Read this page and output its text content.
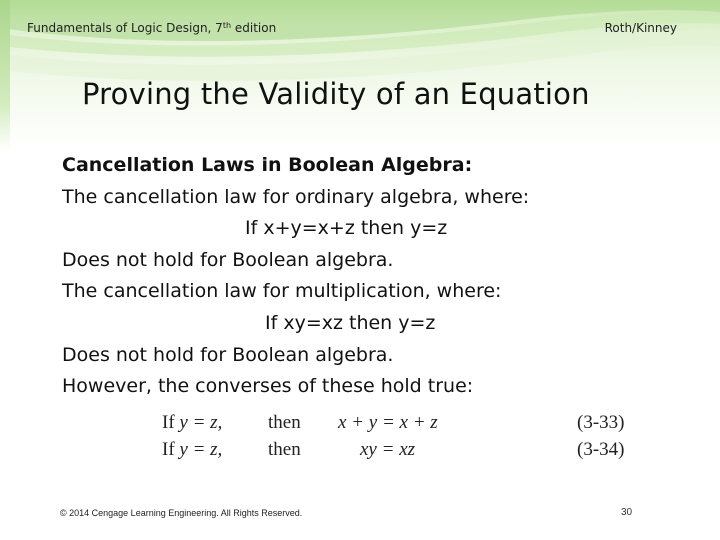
Fundamentals of Logic Design, 7th edition	Roth/Kinney
Proving the Validity of an Equation
Cancellation Laws in Boolean Algebra:
The cancellation law for ordinary algebra, where:
If x+y=x+z then y=z
Does not hold for Boolean algebra.
The cancellation law for multiplication, where:
If xy=xz then y=z
Does not hold for Boolean algebra.
However, the converses of these hold true:
If y = z, then x + y = x + z	(3-33)
If y = z, then	xy = xz	(3-34)
© 2014 Cengage Learning Engineering. All Rights Reserved.	30
